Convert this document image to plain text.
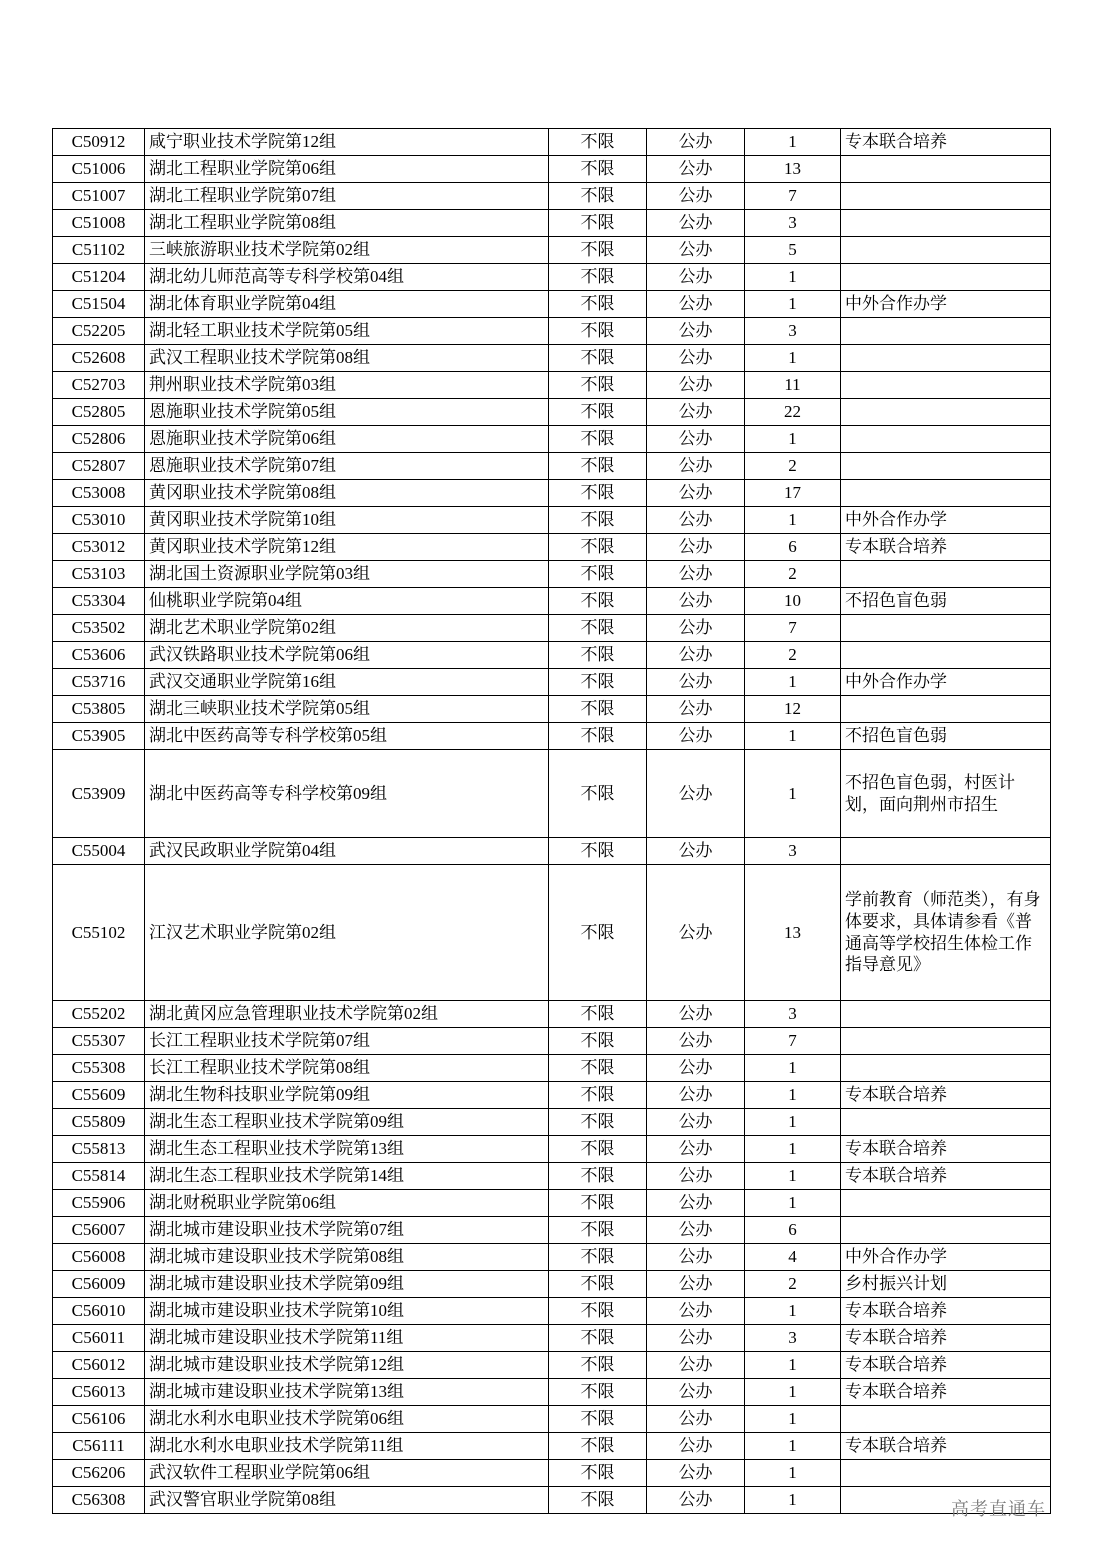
C50912	咸宁职业技术学院第12组	不限	公办	1	专本联合培养
C51006	湖北工程职业学院第06组	不限	公办	13	
C51007	湖北工程职业学院第07组	不限	公办	7	
C51008	湖北工程职业学院第08组	不限	公办	3	
C51102	三峡旅游职业技术学院第02组	不限	公办	5	
C51204	湖北幼儿师范高等专科学校第04组	不限	公办	1	
C51504	湖北体育职业学院第04组	不限	公办	1	中外合作办学
C52205	湖北轻工职业技术学院第05组	不限	公办	3	
C52608	武汉工程职业技术学院第08组	不限	公办	1	
C52703	荆州职业技术学院第03组	不限	公办	11	
C52805	恩施职业技术学院第05组	不限	公办	22	
C52806	恩施职业技术学院第06组	不限	公办	1	
C52807	恩施职业技术学院第07组	不限	公办	2	
C53008	黄冈职业技术学院第08组	不限	公办	17	
C53010	黄冈职业技术学院第10组	不限	公办	1	中外合作办学
C53012	黄冈职业技术学院第12组	不限	公办	6	专本联合培养
C53103	湖北国土资源职业学院第03组	不限	公办	2	
C53304	仙桃职业学院第04组	不限	公办	10	不招色盲色弱
C53502	湖北艺术职业学院第02组	不限	公办	7	
C53606	武汉铁路职业技术学院第06组	不限	公办	2	
C53716	武汉交通职业学院第16组	不限	公办	1	中外合作办学
C53805	湖北三峡职业技术学院第05组	不限	公办	12	
C53905	湖北中医药高等专科学校第05组	不限	公办	1	不招色盲色弱
C53909	湖北中医药高等专科学校第09组	不限	公办	1	不招色盲色弱，村医计划，面向荆州市招生
C55004	武汉民政职业学院第04组	不限	公办	3	
C55102	江汉艺术职业学院第02组	不限	公办	13	学前教育（师范类），有身体要求，具体请参看《普通高等学校招生体检工作指导意见》
C55202	湖北黄冈应急管理职业技术学院第02组	不限	公办	3	
C55307	长江工程职业技术学院第07组	不限	公办	7	
C55308	长江工程职业技术学院第08组	不限	公办	1	
C55609	湖北生物科技职业学院第09组	不限	公办	1	专本联合培养
C55809	湖北生态工程职业技术学院第09组	不限	公办	1	
C55813	湖北生态工程职业技术学院第13组	不限	公办	1	专本联合培养
C55814	湖北生态工程职业技术学院第14组	不限	公办	1	专本联合培养
C55906	湖北财税职业学院第06组	不限	公办	1	
C56007	湖北城市建设职业技术学院第07组	不限	公办	6	
C56008	湖北城市建设职业技术学院第08组	不限	公办	4	中外合作办学
C56009	湖北城市建设职业技术学院第09组	不限	公办	2	乡村振兴计划
C56010	湖北城市建设职业技术学院第10组	不限	公办	1	专本联合培养
C56011	湖北城市建设职业技术学院第11组	不限	公办	3	专本联合培养
C56012	湖北城市建设职业技术学院第12组	不限	公办	1	专本联合培养
C56013	湖北城市建设职业技术学院第13组	不限	公办	1	专本联合培养
C56106	湖北水利水电职业技术学院第06组	不限	公办	1	
C56111	湖北水利水电职业技术学院第11组	不限	公办	1	专本联合培养
C56206	武汉软件工程职业学院第06组	不限	公办	1	
C56308	武汉警官职业学院第08组	不限	公办	1		高考直通车
